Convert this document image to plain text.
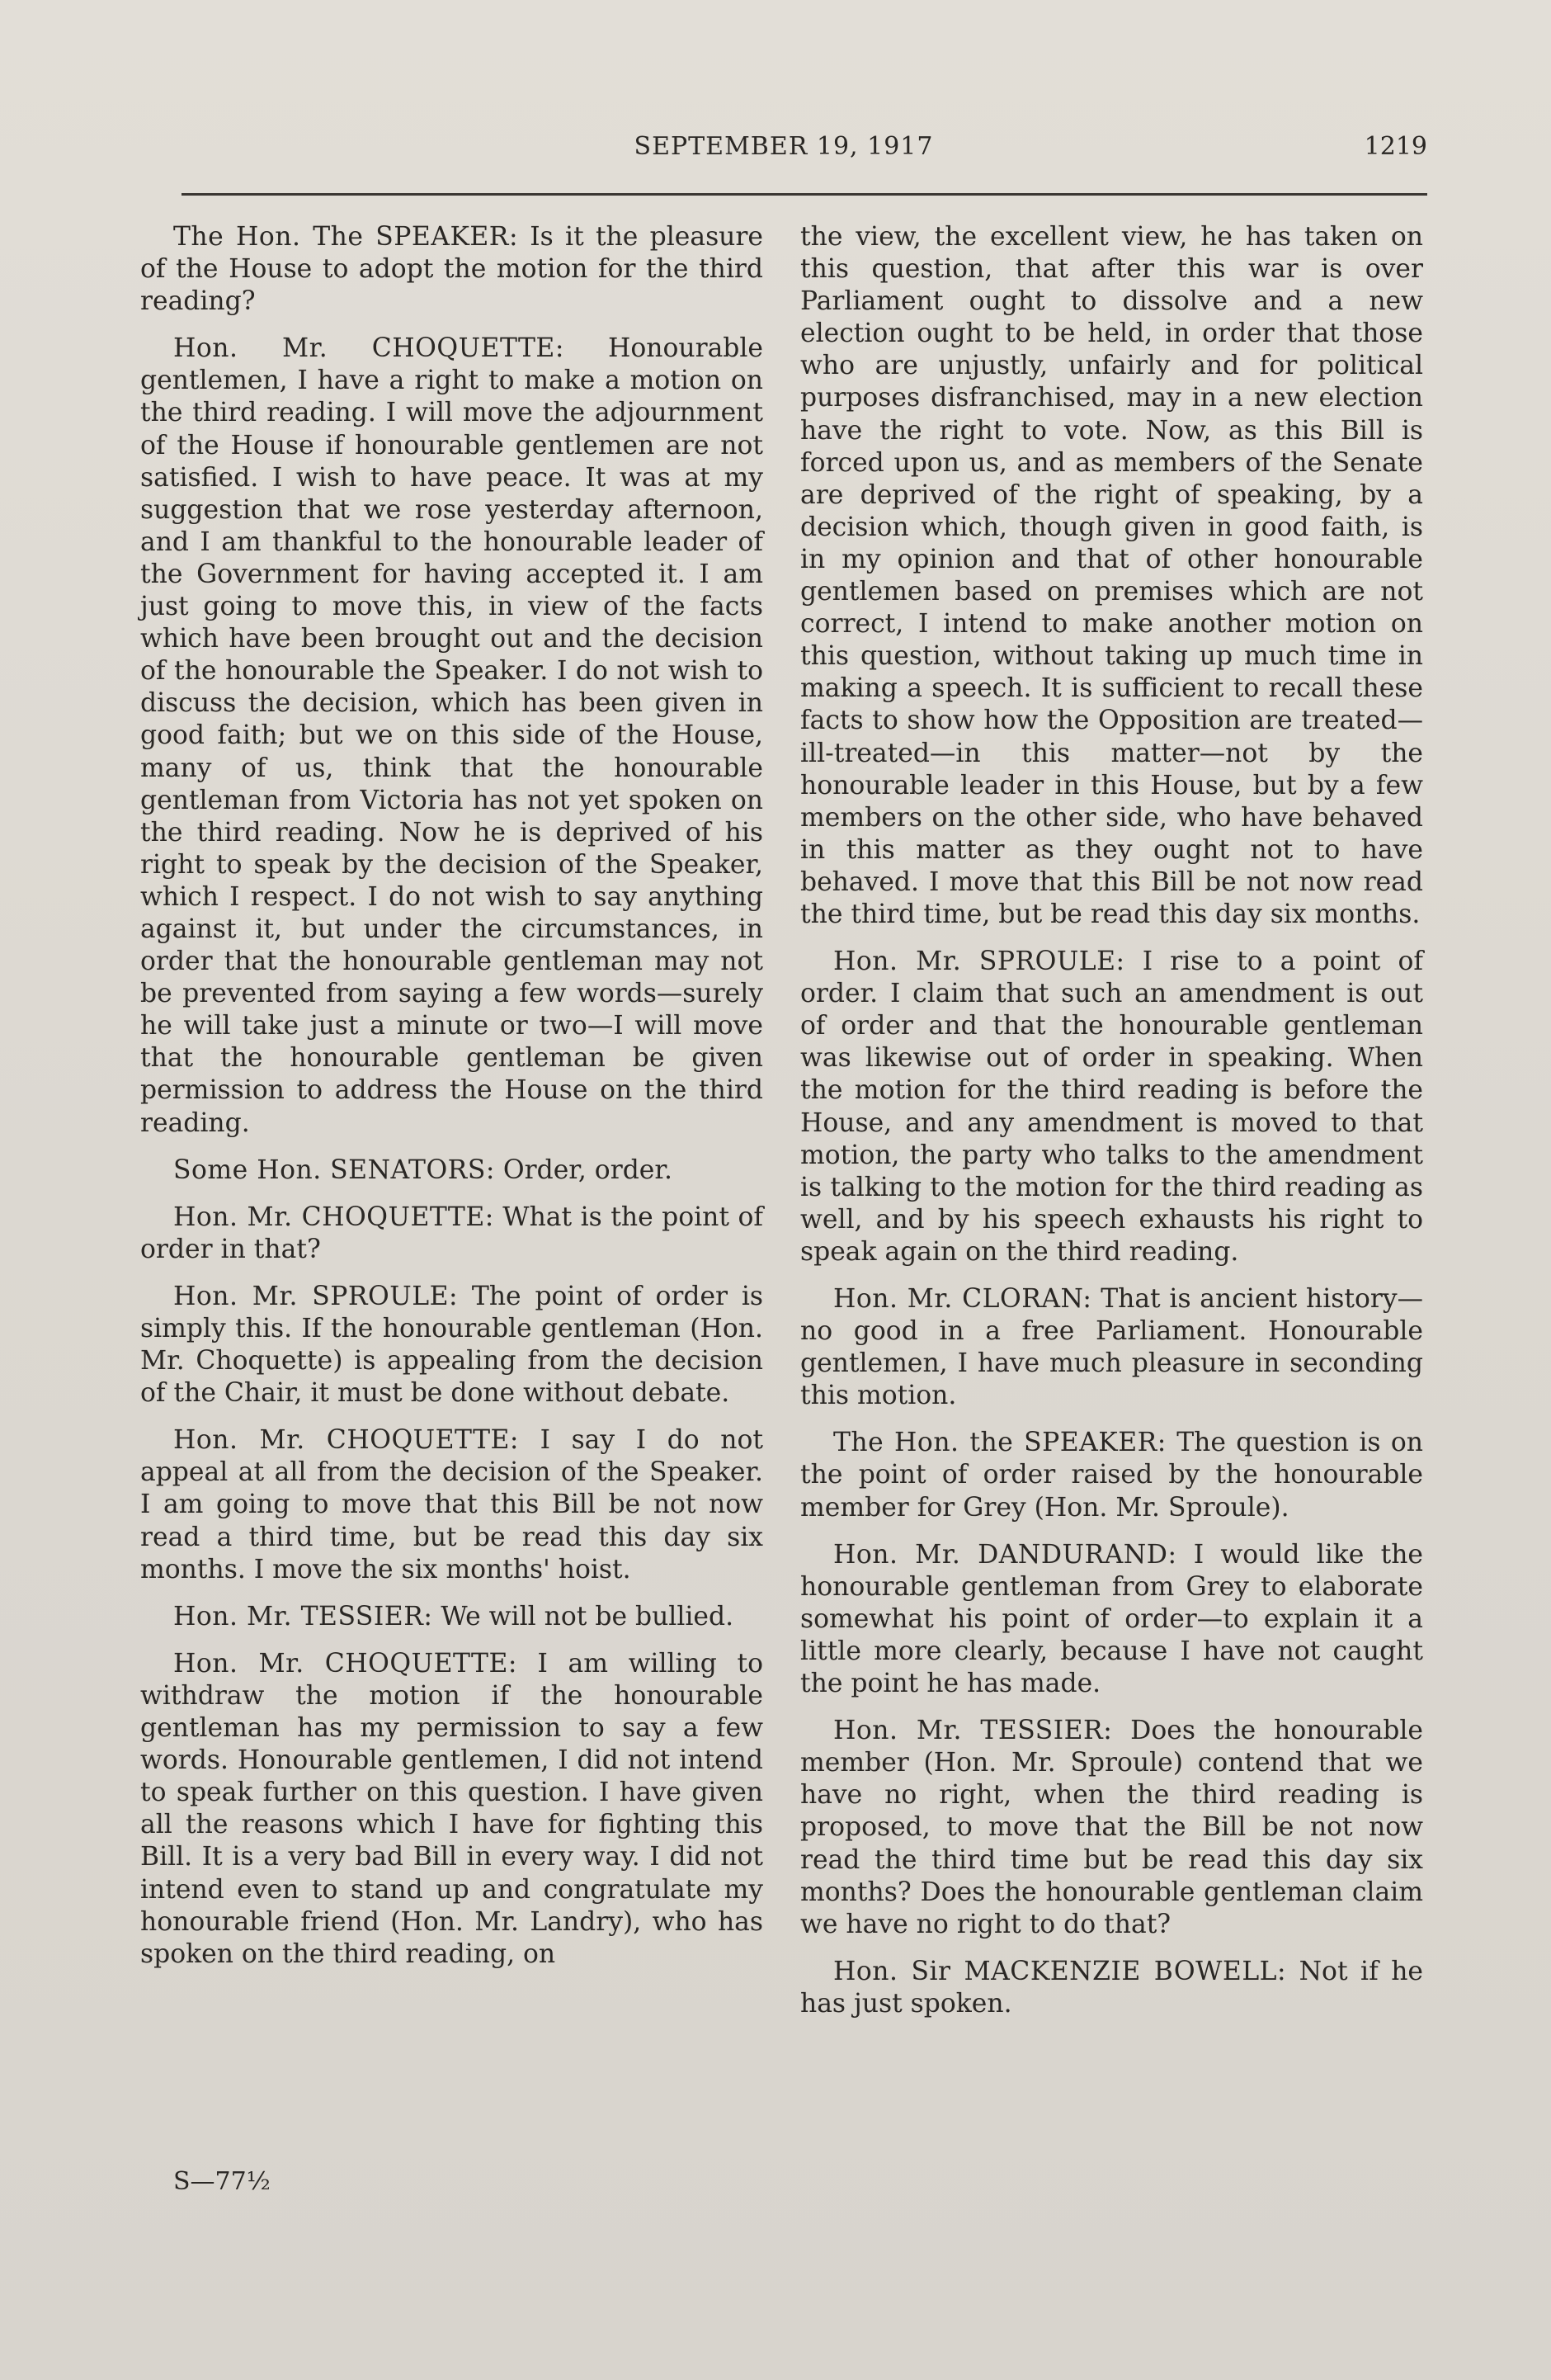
SEPTEMBER 19, 1917	1219

The Hon. The SPEAKER: Is it the pleasure of the House to adopt the motion for the third reading?

Hon. Mr. CHOQUETTE: Honourable gentlemen, I have a right to make a motion on the third reading. I will move the adjournment of the House if honourable gentlemen are not satisfied. I wish to have peace. It was at my suggestion that we rose yesterday afternoon, and I am thankful to the honourable leader of the Government for having accepted it. I am just going to move this, in view of the facts which have been brought out and the decision of the honourable the Speaker. I do not wish to discuss the decision, which has been given in good faith; but we on this side of the House, many of us, think that the honourable gentleman from Victoria has not yet spoken on the third reading. Now he is deprived of his right to speak by the decision of the Speaker, which I respect. I do not wish to say anything against it, but under the circumstances, in order that the honourable gentleman may not be prevented from saying a few words—surely he will take just a minute or two—I will move that the honourable gentleman be given permission to address the House on the third reading.

Some Hon. SENATORS: Order, order.

Hon. Mr. CHOQUETTE: What is the point of order in that?

Hon. Mr. SPROULE: The point of order is simply this. If the honourable gentleman (Hon. Mr. Choquette) is appealing from the decision of the Chair, it must be done without debate.

Hon. Mr. CHOQUETTE: I say I do not appeal at all from the decision of the Speaker. I am going to move that this Bill be not now read a third time, but be read this day six months. I move the six months' hoist.

Hon. Mr. TESSIER: We will not be bullied.

Hon. Mr. CHOQUETTE: I am willing to withdraw the motion if the honourable gentleman has my permission to say a few words. Honourable gentlemen, I did not intend to speak further on this question. I have given all the reasons which I have for fighting this Bill. It is a very bad Bill in every way. I did not intend even to stand up and congratulate my honourable friend (Hon. Mr. Landry), who has spoken on the third reading, on

the view, the excellent view, he has taken on this question, that after this war is over Parliament ought to dissolve and a new election ought to be held, in order that those who are unjustly, unfairly and for political purposes disfranchised, may in a new election have the right to vote. Now, as this Bill is forced upon us, and as members of the Senate are deprived of the right of speaking, by a decision which, though given in good faith, is in my opinion and that of other honourable gentlemen based on premises which are not correct, I intend to make another motion on this question, without taking up much time in making a speech. It is sufficient to recall these facts to show how the Opposition are treated—ill-treated—in this matter—not by the honourable leader in this House, but by a few members on the other side, who have behaved in this matter as they ought not to have behaved. I move that this Bill be not now read the third time, but be read this day six months.

Hon. Mr. SPROULE: I rise to a point of order. I claim that such an amendment is out of order and that the honourable gentleman was likewise out of order in speaking. When the motion for the third reading is before the House, and any amendment is moved to that motion, the party who talks to the amendment is talking to the motion for the third reading as well, and by his speech exhausts his right to speak again on the third reading.

Hon. Mr. CLORAN: That is ancient history—no good in a free Parliament. Honourable gentlemen, I have much pleasure in seconding this motion.

The Hon. the SPEAKER: The question is on the point of order raised by the honourable member for Grey (Hon. Mr. Sproule).

Hon. Mr. DANDURAND: I would like the honourable gentleman from Grey to elaborate somewhat his point of order—to explain it a little more clearly, because I have not caught the point he has made.

Hon. Mr. TESSIER: Does the honourable member (Hon. Mr. Sproule) contend that we have no right, when the third reading is proposed, to move that the Bill be not now read the third time but be read this day six months? Does the honourable gentleman claim we have no right to do that?

Hon. Sir MACKENZIE BOWELL: Not if he has just spoken.

S—77½
